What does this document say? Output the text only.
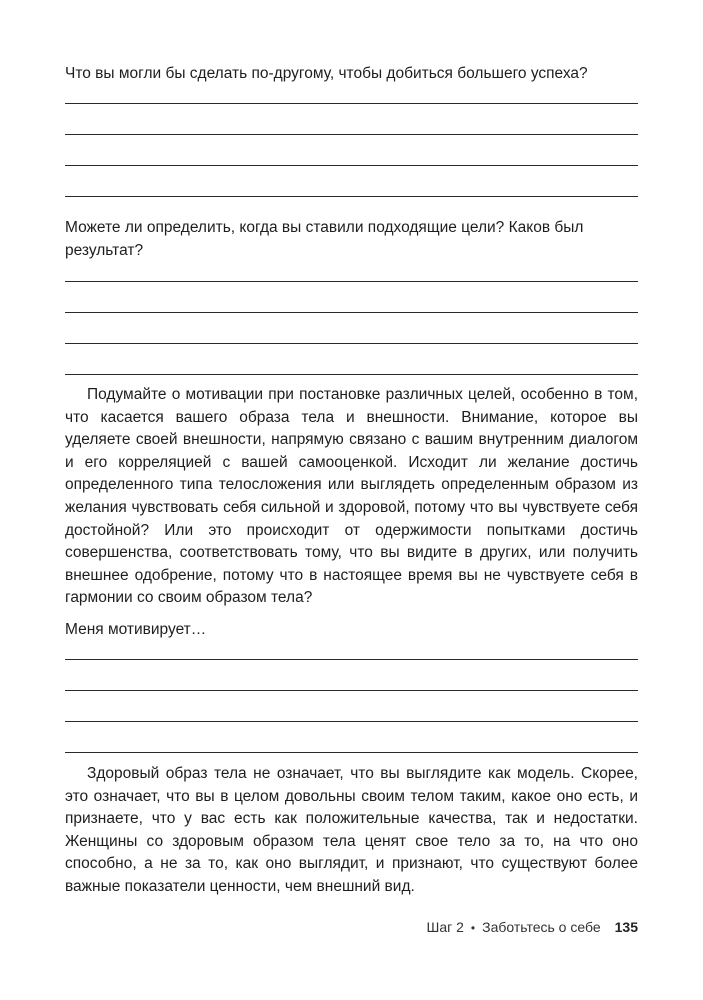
Что вы могли бы сделать по-другому, чтобы добиться большего успеха?

Можете ли определить, когда вы ставили подходящие цели? Каков был результат?

Подумайте о мотивации при постановке различных целей, особенно в том, что касается вашего образа тела и внешности. Внимание, которое вы уделяете своей внешности, напрямую связано с вашим внутренним диалогом и его корреляцией с вашей самооценкой. Исходит ли желание достичь определенного типа телосложения или выглядеть определенным образом из желания чувствовать себя сильной и здоровой, потому что вы чувствуете себя достойной? Или это происходит от одержимости попытками достичь совершенства, соответствовать тому, что вы видите в других, или получить внешнее одобрение, потому что в настоящее время вы не чувствуете себя в гармонии со своим образом тела?

Меня мотивирует…

Здоровый образ тела не означает, что вы выглядите как модель. Скорее, это означает, что вы в целом довольны своим телом таким, какое оно есть, и признаете, что у вас есть как положительные качества, так и недостатки. Женщины со здоровым образом тела ценят свое тело за то, на что оно способно, а не за то, как оно выглядит, и признают, что существуют более важные показатели ценности, чем внешний вид.

Шаг 2 • Заботьтесь о себе 135
